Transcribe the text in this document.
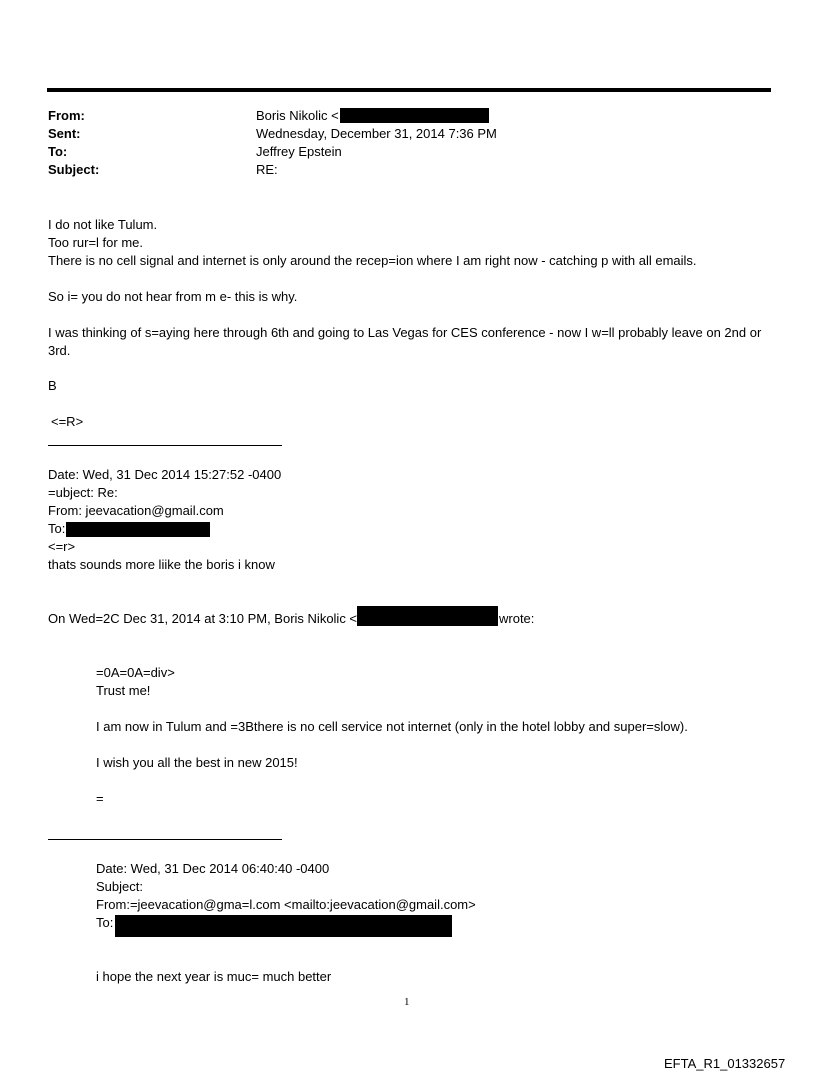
From:	Boris Nikolic <
Sent:	Wednesday, December 31, 2014 7:36 PM
To:	Jeffrey Epstein
Subject:	RE:
I do not like Tulum.
Too rur=l for me.
There is no cell signal and internet is only around the recep=ion where I am right now - catching p with all emails.
So i= you do not hear from m e- this is why.
I was thinking of s=aying here through 6th and going to Las Vegas for CES conference - now I w=ll probably leave on 2nd or 3rd.
B
<=R>
Date: Wed, 31 Dec 2014 15:27:52 -0400
=ubject: Re:
From: jeevacation@gmail.com
To:
<=r>
thats sounds more liike the boris i know
On Wed=2C Dec 31, 2014 at 3:10 PM, Boris Nikolic <	wrote:
=0A=0A=div>
Trust me!
I am now in Tulum and =3Bthere is no cell service not internet (only in the hotel lobby and super=slow).
I wish you all the best in new 2015!
=
Date: Wed, 31 Dec 2014 06:40:40 -0400
Subject:
From:=jeevacation@gma=l.com <mailto:jeevacation@gmail.com>
To:
i hope the next year is muc= much better
1
EFTA_R1_01332657
